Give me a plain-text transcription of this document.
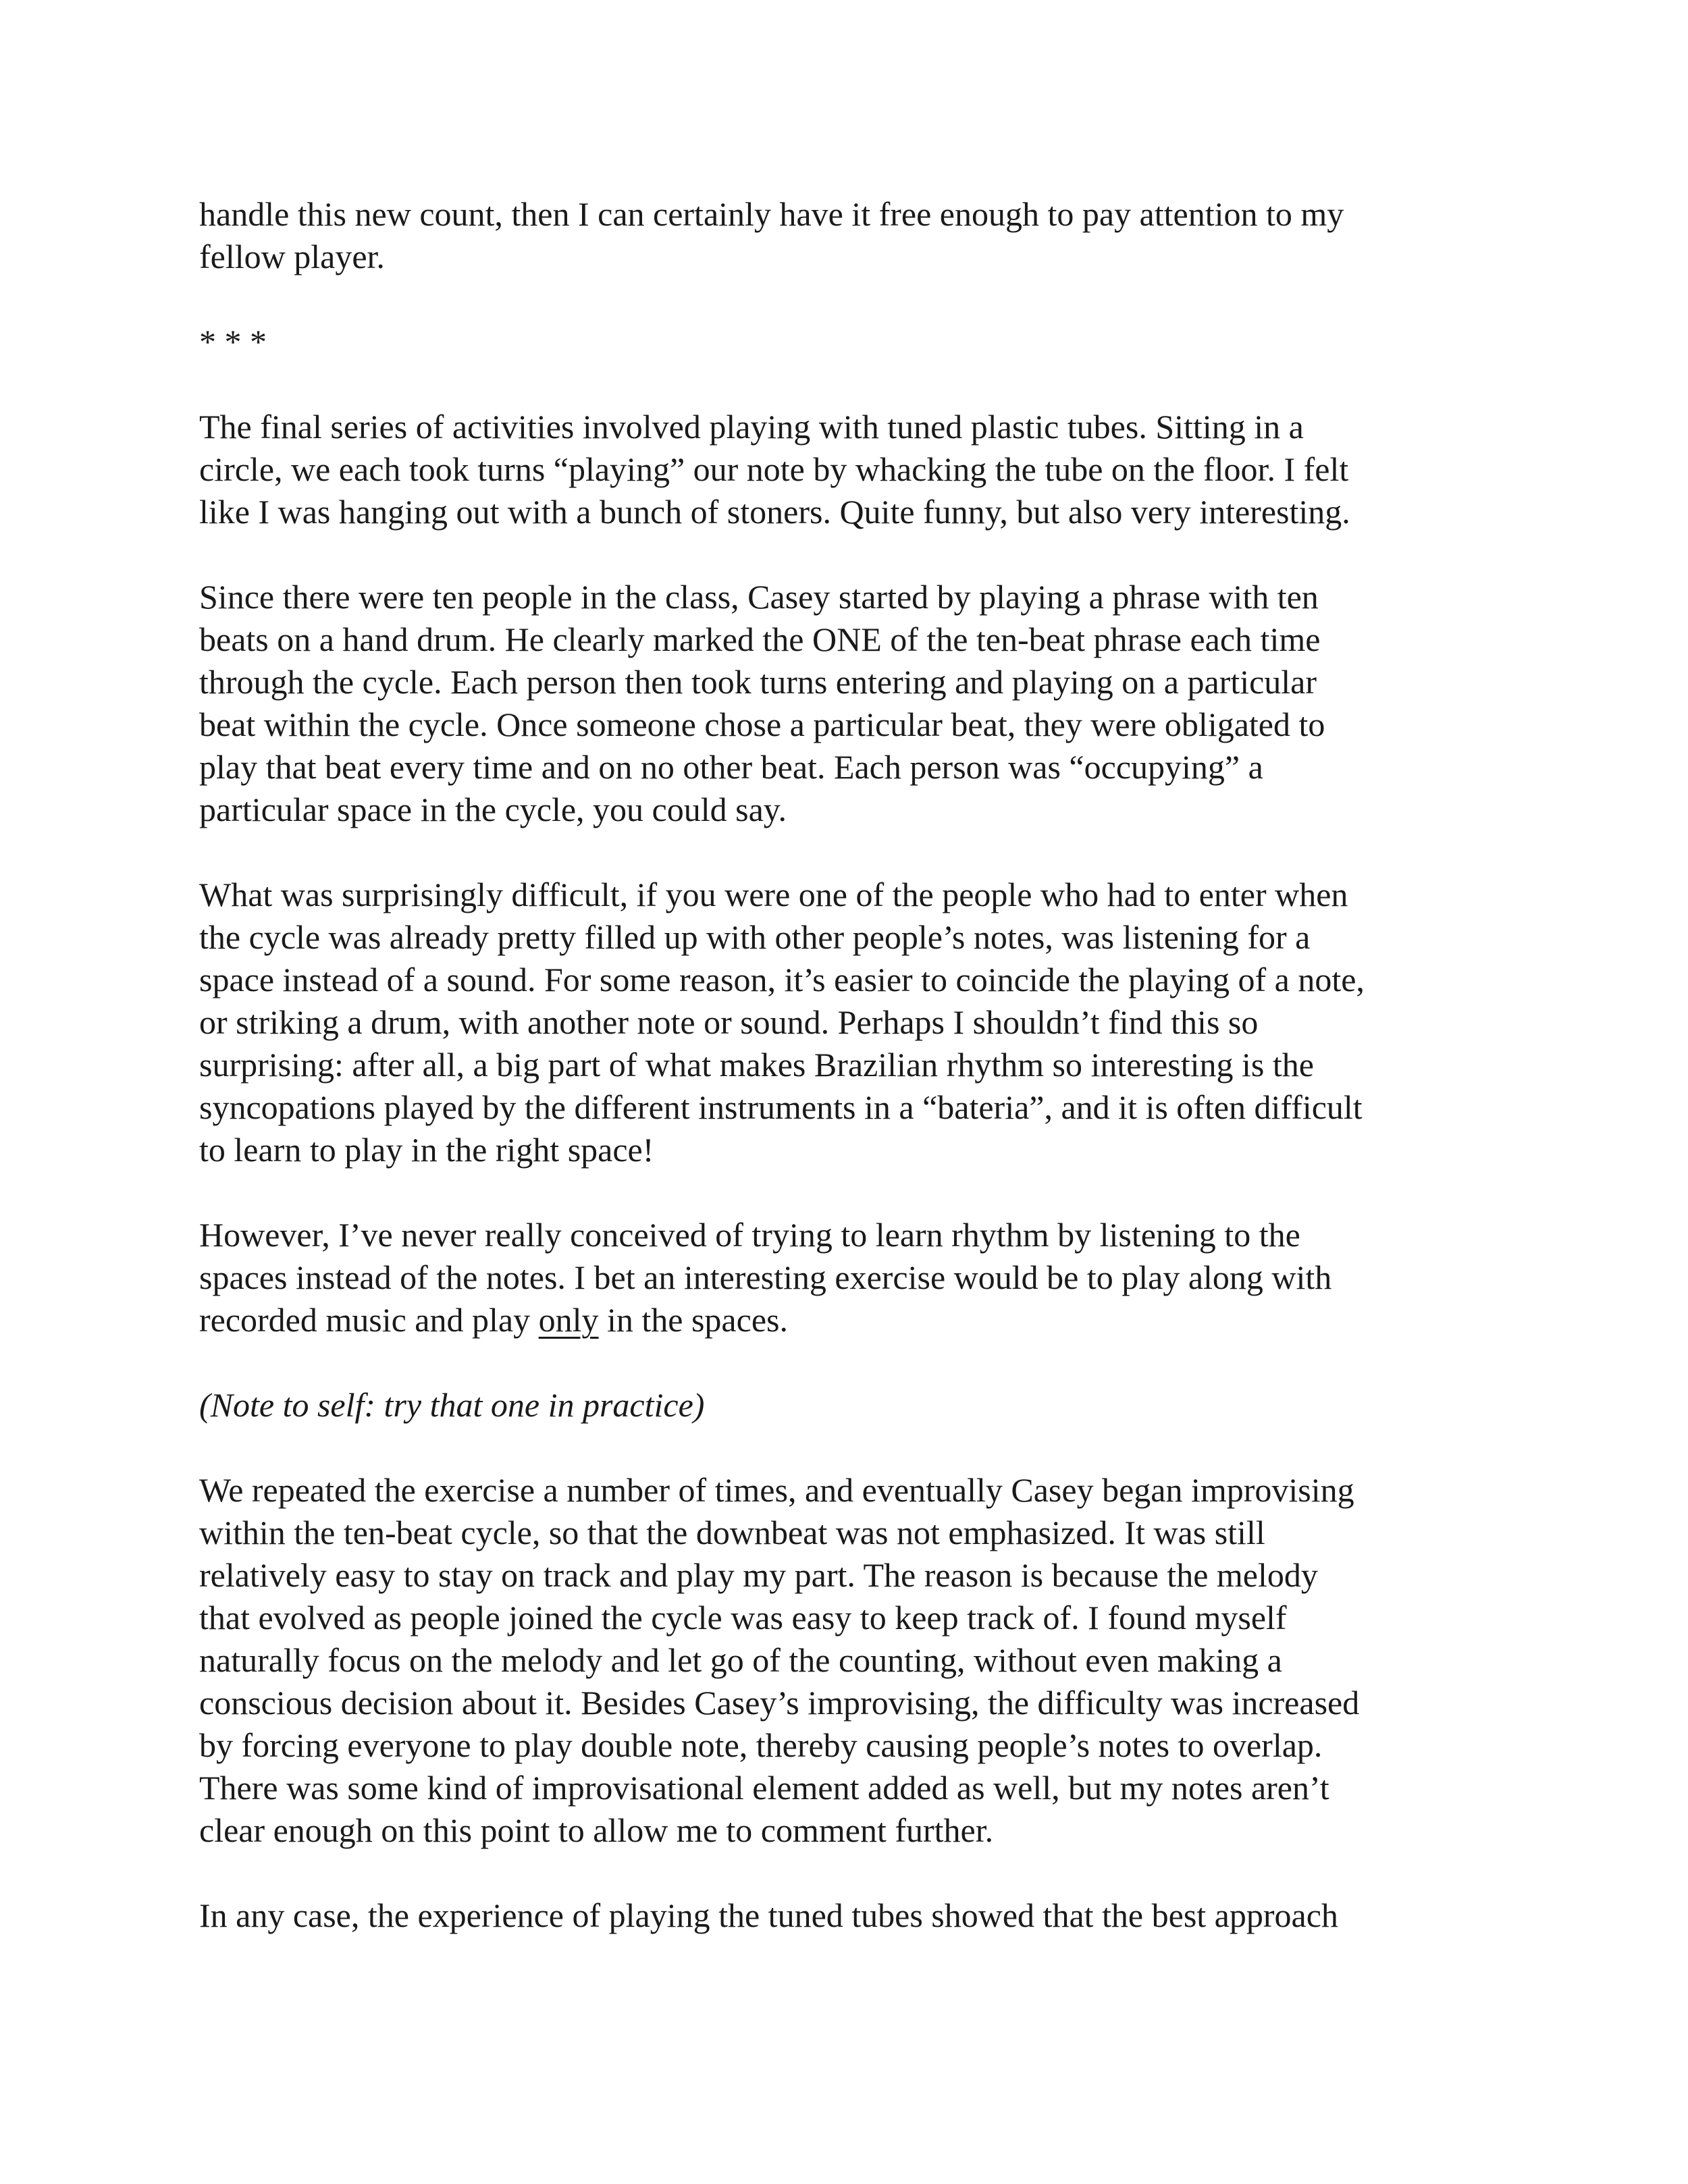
handle this new count, then I can certainly have it free enough to pay attention to my
fellow player.

* * *

The final series of activities involved playing with tuned plastic tubes. Sitting in a
circle, we each took turns “playing” our note by whacking the tube on the floor. I felt
like I was hanging out with a bunch of stoners. Quite funny, but also very interesting.

Since there were ten people in the class, Casey started by playing a phrase with ten
beats on a hand drum. He clearly marked the ONE of the ten-beat phrase each time
through the cycle. Each person then took turns entering and playing on a particular
beat within the cycle. Once someone chose a particular beat, they were obligated to
play that beat every time and on no other beat. Each person was “occupying” a
particular space in the cycle, you could say.

What was surprisingly difficult, if you were one of the people who had to enter when
the cycle was already pretty filled up with other people’s notes, was listening for a
space instead of a sound. For some reason, it’s easier to coincide the playing of a note,
or striking a drum, with another note or sound. Perhaps I shouldn’t find this so
surprising: after all, a big part of what makes Brazilian rhythm so interesting is the
syncopations played by the different instruments in a “bateria”, and it is often difficult
to learn to play in the right space!

However, I’ve never really conceived of trying to learn rhythm by listening to the
spaces instead of the notes. I bet an interesting exercise would be to play along with
recorded music and play only in the spaces.

(Note to self: try that one in practice)

We repeated the exercise a number of times, and eventually Casey began improvising
within the ten-beat cycle, so that the downbeat was not emphasized. It was still
relatively easy to stay on track and play my part. The reason is because the melody
that evolved as people joined the cycle was easy to keep track of. I found myself
naturally focus on the melody and let go of the counting, without even making a
conscious decision about it. Besides Casey’s improvising, the difficulty was increased
by forcing everyone to play double note, thereby causing people’s notes to overlap.
There was some kind of improvisational element added as well, but my notes aren’t
clear enough on this point to allow me to comment further.

In any case, the experience of playing the tuned tubes showed that the best approach
